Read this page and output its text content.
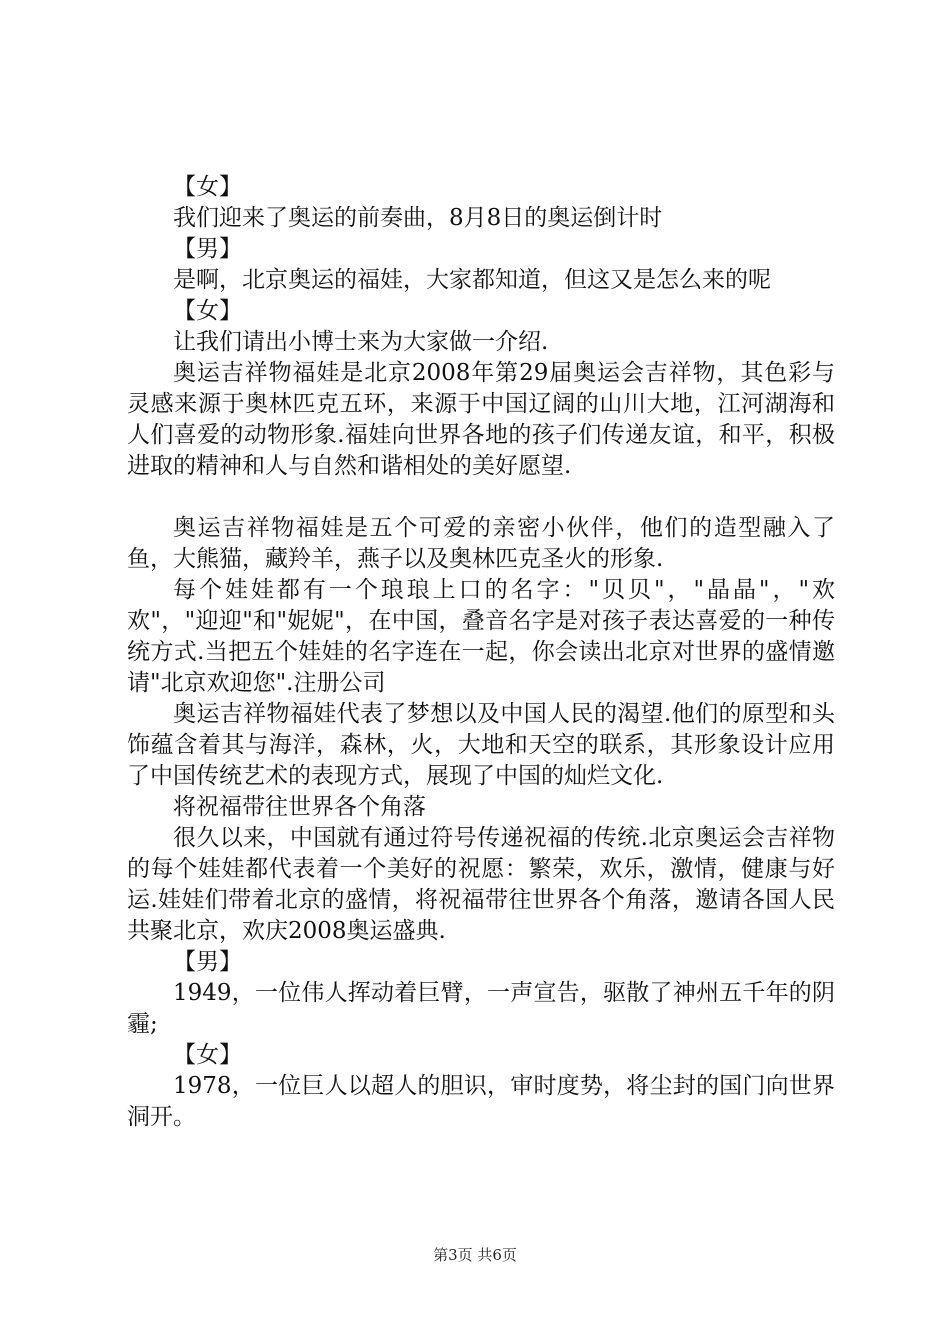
【女】

我们迎来了奥运的前奏曲，8月8日的奥运倒计时

【男】

是啊，北京奥运的福娃，大家都知道，但这又是怎么来的呢

【女】

让我们请出小博士来为大家做一介绍.

奥运吉祥物福娃是北京2008年第29届奥运会吉祥物，其色彩与灵感来源于奥林匹克五环，来源于中国辽阔的山川大地，江河湖海和人们喜爱的动物形象.福娃向世界各地的孩子们传递友谊，和平，积极进取的精神和人与自然和谐相处的美好愿望.

奥运吉祥物福娃是五个可爱的亲密小伙伴，他们的造型融入了鱼，大熊猫，藏羚羊，燕子以及奥林匹克圣火的形象.

每个娃娃都有一个琅琅上口的名字："贝贝"，"晶晶"，"欢欢"，"迎迎"和"妮妮"，在中国，叠音名字是对孩子表达喜爱的一种传统方式.当把五个娃娃的名字连在一起，你会读出北京对世界的盛情邀请"北京欢迎您".注册公司

奥运吉祥物福娃代表了梦想以及中国人民的渴望.他们的原型和头饰蕴含着其与海洋，森林，火，大地和天空的联系，其形象设计应用了中国传统艺术的表现方式，展现了中国的灿烂文化.

将祝福带往世界各个角落

很久以来，中国就有通过符号传递祝福的传统.北京奥运会吉祥物的每个娃娃都代表着一个美好的祝愿：繁荣，欢乐，激情，健康与好运.娃娃们带着北京的盛情，将祝福带往世界各个角落，邀请各国人民共聚北京，欢庆2008奥运盛典.

【男】

1949，一位伟人挥动着巨臂，一声宣告，驱散了神州五千年的阴霾;

【女】

1978，一位巨人以超人的胆识，审时度势，将尘封的国门向世界洞开。

第3页 共6页
